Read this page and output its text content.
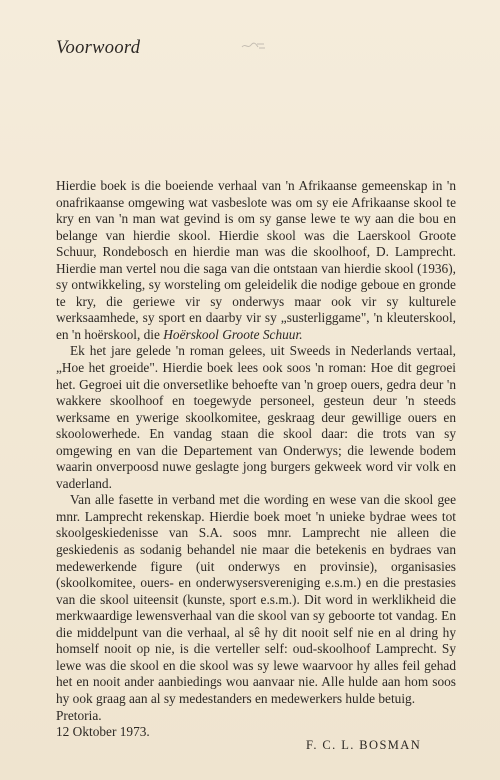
Voorwoord

Hierdie boek is die boeiende verhaal van 'n Afrikaanse gemeenskap in 'n onafrikaanse omgewing wat vasbeslote was om sy eie Afrikaanse skool te kry en van 'n man wat gevind is om sy ganse lewe te wy aan die bou en belange van hierdie skool. Hierdie skool was die Laerskool Groote Schuur, Rondebosch en hierdie man was die skoolhoof, D. Lamprecht. Hierdie man vertel nou die saga van die ontstaan van hierdie skool (1936), sy ontwikkeling, sy worsteling om geleidelik die nodige geboue en gronde te kry, die geriewe vir sy onderwys maar ook vir sy kulturele werksaamhede, sy sport en daarby vir sy „susterliggame", 'n kleuterskool, en 'n hoërskool, die Hoërskool Groote Schuur.

Ek het jare gelede 'n roman gelees, uit Sweeds in Nederlands vertaal, „Hoe het groeide". Hierdie boek lees ook soos 'n roman: Hoe dit gegroei het. Gegroei uit die onversetlike behoefte van 'n groep ouers, gedra deur 'n wakkere skoolhoof en toegewyde personeel, gesteun deur 'n steeds werksame en ywerige skoolkomitee, geskraag deur gewillige ouers en skoolowerhede. En vandag staan die skool daar: die trots van sy omgewing en van die Departement van Onderwys; die lewende bodem waarin onverpoosd nuwe geslagte jong burgers gekweek word vir volk en vaderland.

Van alle fasette in verband met die wording en wese van die skool gee mnr. Lamprecht rekenskap. Hierdie boek moet 'n unieke bydrae wees tot skoolgeskiedenisse van S.A. soos mnr. Lamprecht nie alleen die geskiedenis as sodanig behandel nie maar die betekenis en bydraes van medewerkende figure (uit onderwys en provinsie), organisasies (skoolkomitee, ouers- en onderwysersvereniging e.s.m.) en die prestasies van die skool uiteensit (kunste, sport e.s.m.). Dit word in werklikheid die merkwaardige lewensverhaal van die skool van sy geboorte tot vandag. En die middelpunt van die verhaal, al sê hy dit nooit self nie en al dring hy homself nooit op nie, is die verteller self: oud-skoolhoof Lamprecht. Sy lewe was die skool en die skool was sy lewe waarvoor hy alles feil gehad het en nooit ander aanbiedings wou aanvaar nie. Alle hulde aan hom soos hy ook graag aan al sy medestanders en medewerkers hulde betuig.

Pretoria.
12 Oktober 1973.
F. C. L. BOSMAN
